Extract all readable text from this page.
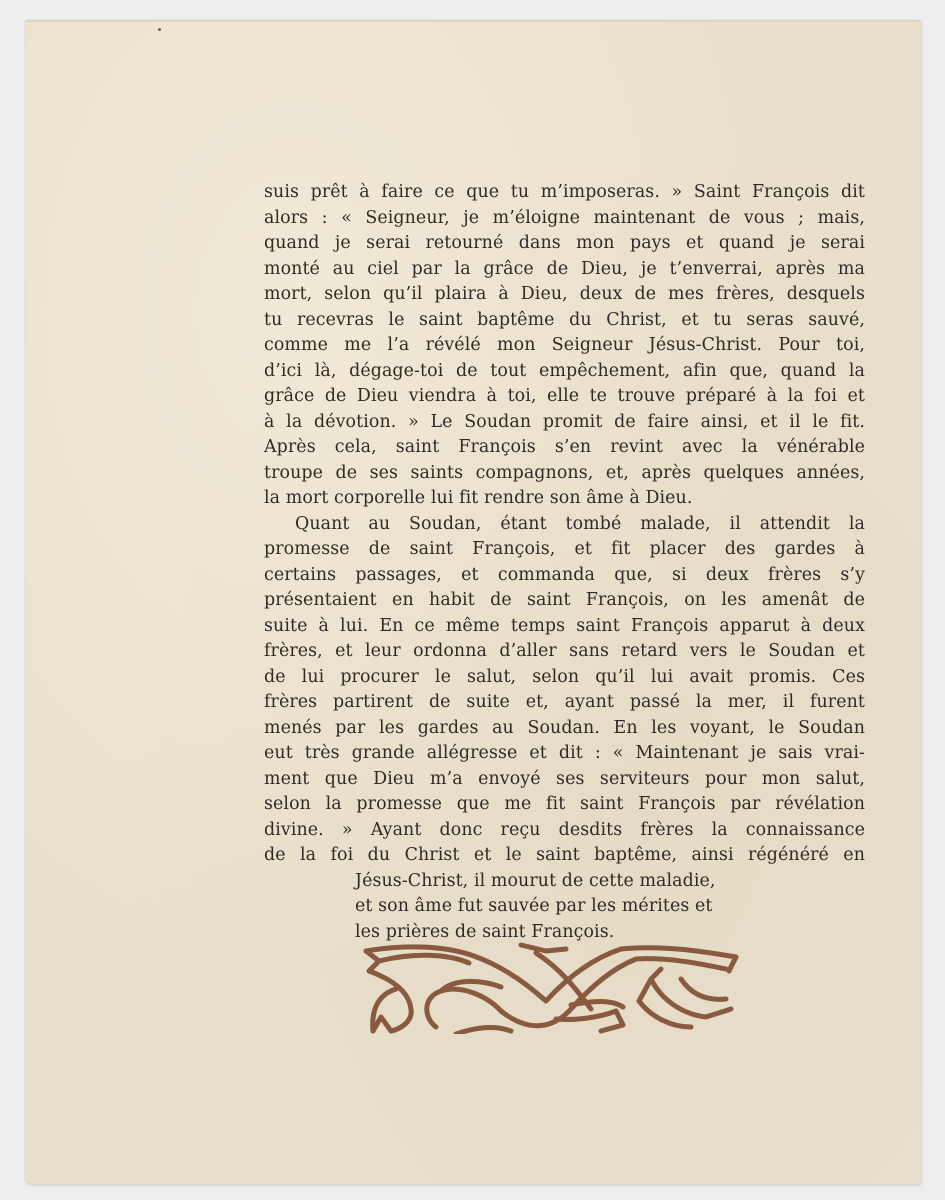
suis prêt à faire ce que tu m’imposeras. » Saint François dit
alors : « Seigneur, je m’éloigne maintenant de vous ; mais,
quand je serai retourné dans mon pays et quand je serai
monté au ciel par la grâce de Dieu, je t’enverrai, après ma
mort, selon qu’il plaira à Dieu, deux de mes frères, desquels
tu recevras le saint baptême du Christ, et tu seras sauvé,
comme me l’a révélé mon Seigneur Jésus-Christ. Pour toi,
d’ici là, dégage-toi de tout empêchement, afin que, quand la
grâce de Dieu viendra à toi, elle te trouve préparé à la foi et
à la dévotion. » Le Soudan promit de faire ainsi, et il le fit.
Après cela, saint François s’en revint avec la vénérable
troupe de ses saints compagnons, et, après quelques années,
la mort corporelle lui fit rendre son âme à Dieu.
Quant au Soudan, étant tombé malade, il attendit la
promesse de saint François, et fit placer des gardes à
certains passages, et commanda que, si deux frères s’y
présentaient en habit de saint François, on les amenât de
suite à lui. En ce même temps saint François apparut à deux
frères, et leur ordonna d’aller sans retard vers le Soudan et
de lui procurer le salut, selon qu’il lui avait promis. Ces
frères partirent de suite et, ayant passé la mer, il furent
menés par les gardes au Soudan. En les voyant, le Soudan
eut très grande allégresse et dit : « Maintenant je sais vrai-
ment que Dieu m’a envoyé ses serviteurs pour mon salut,
selon la promesse que me fit saint François par révélation
divine. » Ayant donc reçu desdits frères la connaissance
de la foi du Christ et le saint baptême, ainsi régénéré en
Jésus-Christ, il mourut de cette maladie,
et son âme fut sauvée par les mérites et
les prières de saint François.
